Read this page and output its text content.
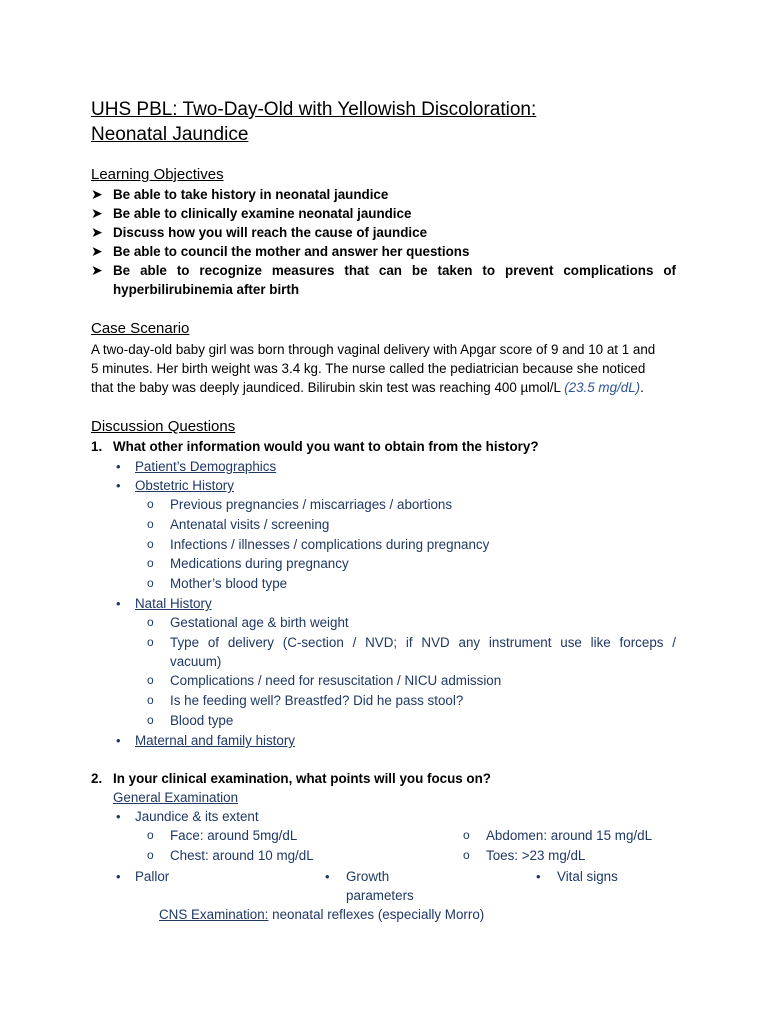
UHS PBL: Two-Day-Old with Yellowish Discoloration:
Neonatal Jaundice
Learning Objectives
➤ Be able to take history in neonatal jaundice
➤ Be able to clinically examine neonatal jaundice
➤ Discuss how you will reach the cause of jaundice
➤ Be able to council the mother and answer her questions
➤ Be able to recognize measures that can be taken to prevent complications of
hyperbilirubinemia after birth
Case Scenario
A two-day-old baby girl was born through vaginal delivery with Apgar score of 9 and 10 at 1 and
5 minutes. Her birth weight was 3.4 kg. The nurse called the pediatrician because she noticed
that the baby was deeply jaundiced. Bilirubin skin test was reaching 400 µmol/L (23.5 mg/dL).
Discussion Questions
1. What other information would you want to obtain from the history?
• Patient’s Demographics
• Obstetric History
o Previous pregnancies / miscarriages / abortions
o Antenatal visits / screening
o Infections / illnesses / complications during pregnancy
o Medications during pregnancy
o Mother’s blood type
• Natal History
o Gestational age & birth weight
o Type of delivery (C-section / NVD; if NVD any instrument use like forceps /
vacuum)
o Complications / need for resuscitation / NICU admission
o Is he feeding well? Breastfed? Did he pass stool?
o Blood type
• Maternal and family history
2. In your clinical examination, what points will you focus on?
General Examination
• Jaundice & its extent
o Face: around 5mg/dL	o Abdomen: around 15 mg/dL
o Chest: around 10 mg/dL	o Toes: >23 mg/dL
• Pallor	• Growth
parameters
• Vital signs
CNS Examination: neonatal reflexes (especially Morro)
